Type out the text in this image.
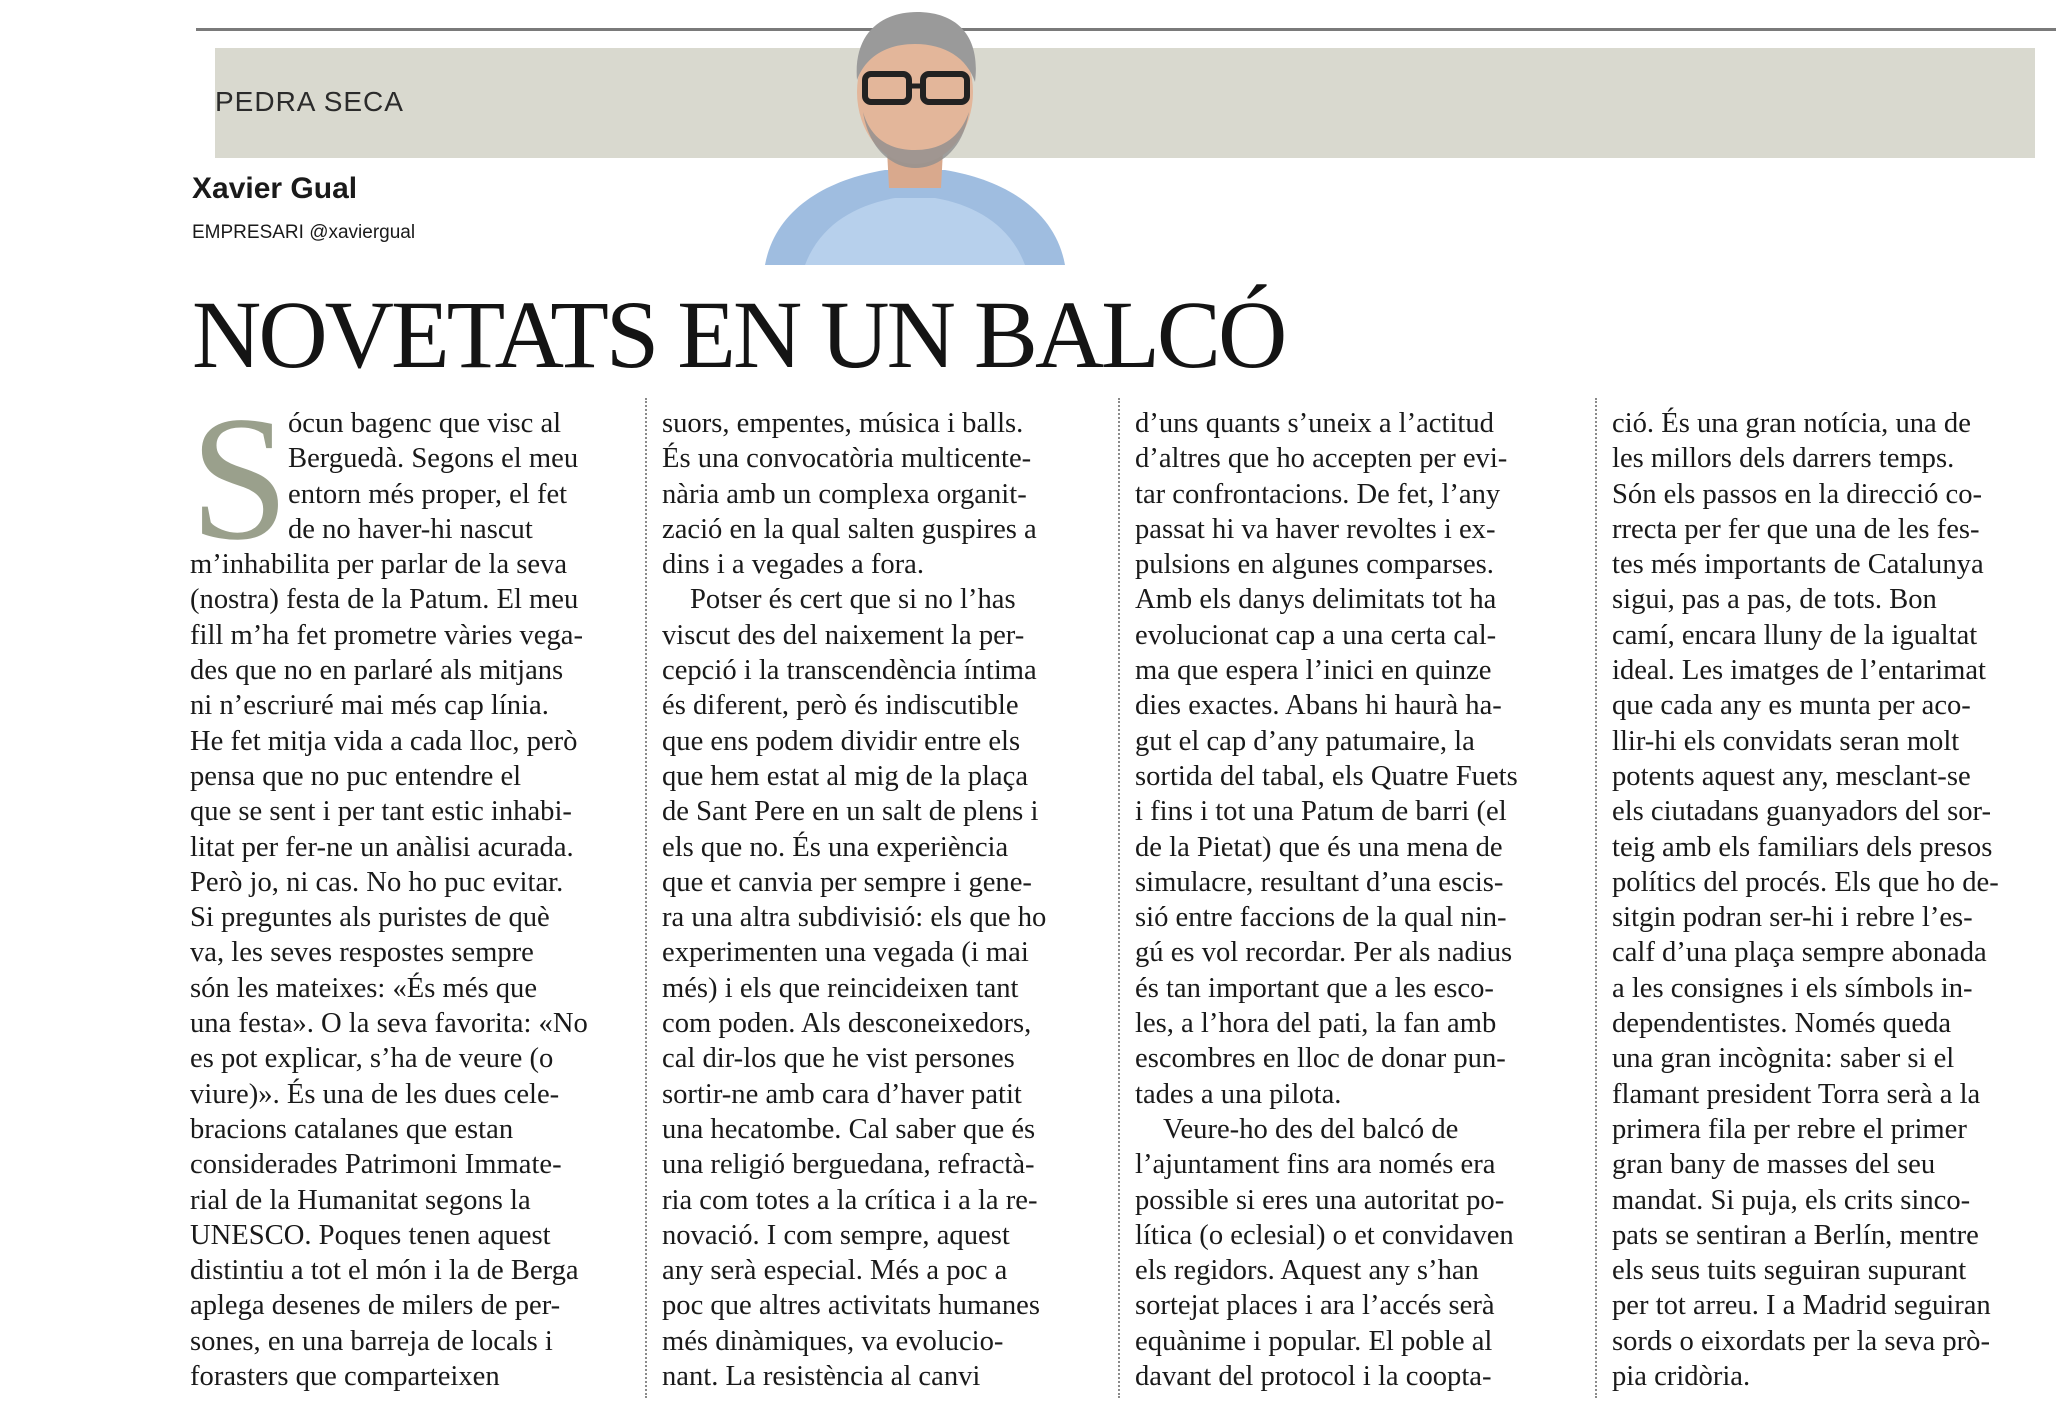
PEDRA SECA
Xavier Gual
EMPRESARI @xaviergual
NOVETATS EN UN BALCÓ
S ócun bagenc que visc al
Berguedà. Segons el meu
entorn més proper, el fet
de no haver-hi nascut
m’inhabilita per parlar de la seva
(nostra) festa de la Patum. El meu
fill m’ha fet prometre vàries vega-
des que no en parlaré als mitjans
ni n’escriuré mai més cap línia.
He fet mitja vida a cada lloc, però
pensa que no puc entendre el
que se sent i per tant estic inhabi-
litat per fer-ne un anàlisi acurada.
Però jo, ni cas. No ho puc evitar.
Si preguntes als puristes de què
va, les seves respostes sempre
són les mateixes: «És més que
una festa». O la seva favorita: «No
es pot explicar, s’ha de veure (o
viure)». És una de les dues cele-
bracions catalanes que estan
considerades Patrimoni Immate-
rial de la Humanitat segons la
UNESCO. Poques tenen aquest
distintiu a tot el món i la de Berga
aplega desenes de milers de per-
sones, en una barreja de locals i
forasters que comparteixen
suors, empentes, música i balls.
És una convocatòria multicente-
nària amb un complexa organit-
zació en la qual salten guspires a
dins i a vegades a fora.
Potser és cert que si no l’has
viscut des del naixement la per-
cepció i la transcendència íntima
és diferent, però és indiscutible
que ens podem dividir entre els
que hem estat al mig de la plaça
de Sant Pere en un salt de plens i
els que no. És una experiència
que et canvia per sempre i gene-
ra una altra subdivisió: els que ho
experimenten una vegada (i mai
més) i els que reincideixen tant
com poden. Als desconeixedors,
cal dir-los que he vist persones
sortir-ne amb cara d’haver patit
una hecatombe. Cal saber que és
una religió berguedana, refractà-
ria com totes a la crítica i a la re-
novació. I com sempre, aquest
any serà especial. Més a poc a
poc que altres activitats humanes
més dinàmiques, va evolucio-
nant. La resistència al canvi
d’uns quants s’uneix a l’actitud
d’altres que ho accepten per evi-
tar confrontacions. De fet, l’any
passat hi va haver revoltes i ex-
pulsions en algunes comparses.
Amb els danys delimitats tot ha
evolucionat cap a una certa cal-
ma que espera l’inici en quinze
dies exactes. Abans hi haurà ha-
gut el cap d’any patumaire, la
sortida del tabal, els Quatre Fuets
i fins i tot una Patum de barri (el
de la Pietat) que és una mena de
simulacre, resultant d’una escis-
sió entre faccions de la qual nin-
gú es vol recordar. Per als nadius
és tan important que a les esco-
les, a l’hora del pati, la fan amb
escombres en lloc de donar pun-
tades a una pilota.
Veure-ho des del balcó de
l’ajuntament fins ara només era
possible si eres una autoritat po-
lítica (o eclesial) o et convidaven
els regidors. Aquest any s’han
sortejat places i ara l’accés serà
equànime i popular. El poble al
davant del protocol i la coopta-
ció. És una gran notícia, una de
les millors dels darrers temps.
Són els passos en la direcció co-
rrecta per fer que una de les fes-
tes més importants de Catalunya
sigui, pas a pas, de tots. Bon
camí, encara lluny de la igualtat
ideal. Les imatges de l’entarimat
que cada any es munta per aco-
llir-hi els convidats seran molt
potents aquest any, mesclant-se
els ciutadans guanyadors del sor-
teig amb els familiars dels presos
polítics del procés. Els que ho de-
sitgin podran ser-hi i rebre l’es-
calf d’una plaça sempre abonada
a les consignes i els símbols in-
dependentistes. Només queda
una gran incògnita: saber si el
flamant president Torra serà a la
primera fila per rebre el primer
gran bany de masses del seu
mandat. Si puja, els crits sinco-
pats se sentiran a Berlín, mentre
els seus tuits seguiran supurant
per tot arreu. I a Madrid seguiran
sords o eixordats per la seva prò-
pia cridòria.
